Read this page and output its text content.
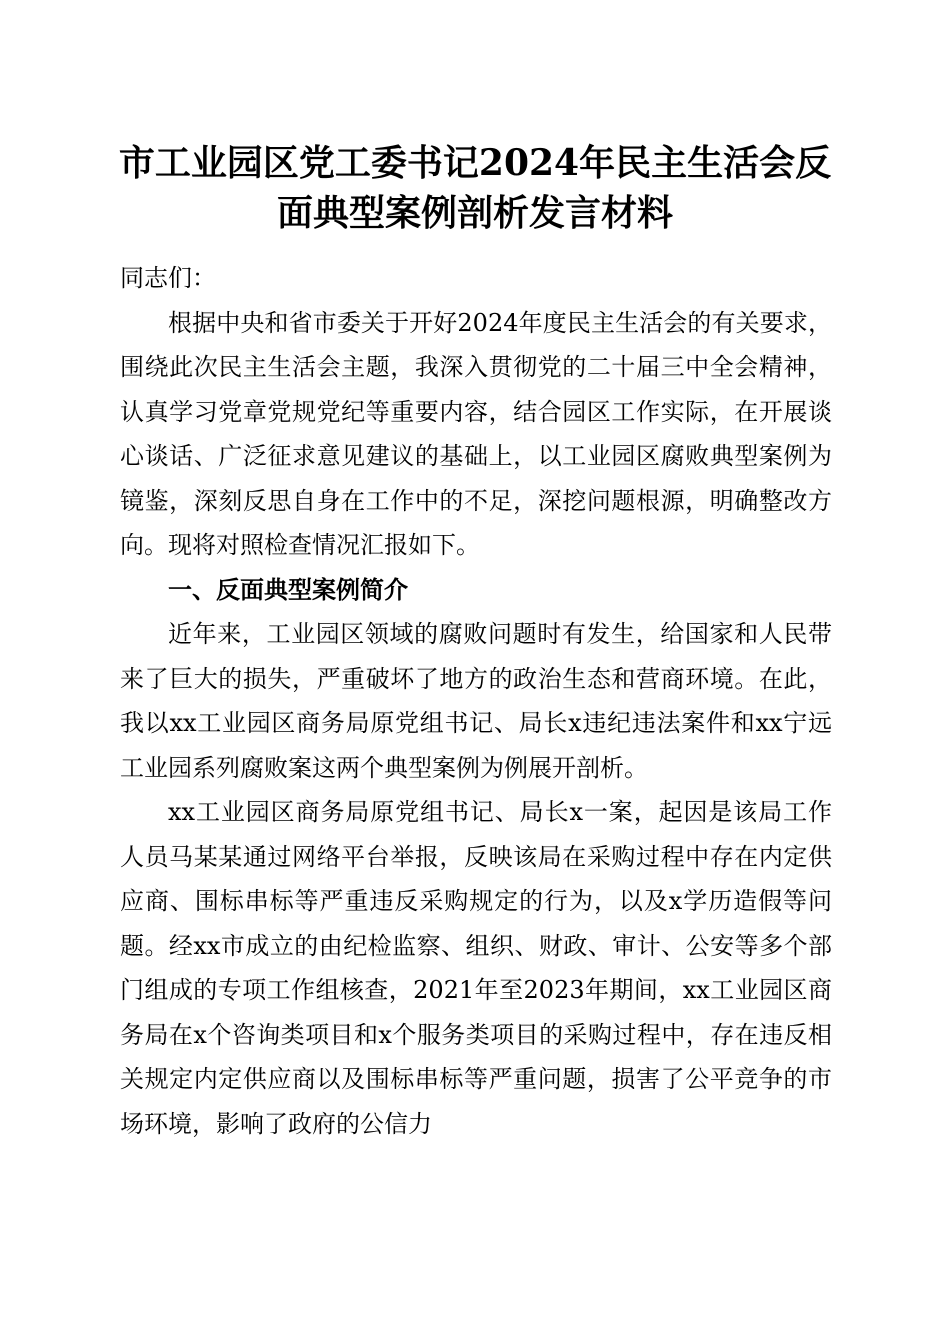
市工业园区党工委书记2024年民主生活会反
面典型案例剖析发言材料

同志们：

根据中央和省市委关于开好2024年度民主生活会的有关要求，围绕此次民主生活会主题，我深入贯彻党的二十届三中全会精神，认真学习党章党规党纪等重要内容，结合园区工作实际，在开展谈心谈话、广泛征求意见建议的基础上，以工业园区腐败典型案例为镜鉴，深刻反思自身在工作中的不足，深挖问题根源，明确整改方向。现将对照检查情况汇报如下。

一、反面典型案例简介

近年来，工业园区领域的腐败问题时有发生，给国家和人民带来了巨大的损失，严重破坏了地方的政治生态和营商环境。在此，我以xx工业园区商务局原党组书记、局长x违纪违法案件和xx宁远工业园系列腐败案这两个典型案例为例展开剖析。

xx工业园区商务局原党组书记、局长x一案，起因是该局工作人员马某某通过网络平台举报，反映该局在采购过程中存在内定供应商、围标串标等严重违反采购规定的行为，以及x学历造假等问题。经xx市成立的由纪检监察、组织、财政、审计、公安等多个部门组成的专项工作组核查，2021年至2023年期间，xx工业园区商务局在x个咨询类项目和x个服务类项目的采购过程中，存在违反相关规定内定供应商以及围标串标等严重问题，损害了公平竞争的市场环境，影响了政府的公信力
